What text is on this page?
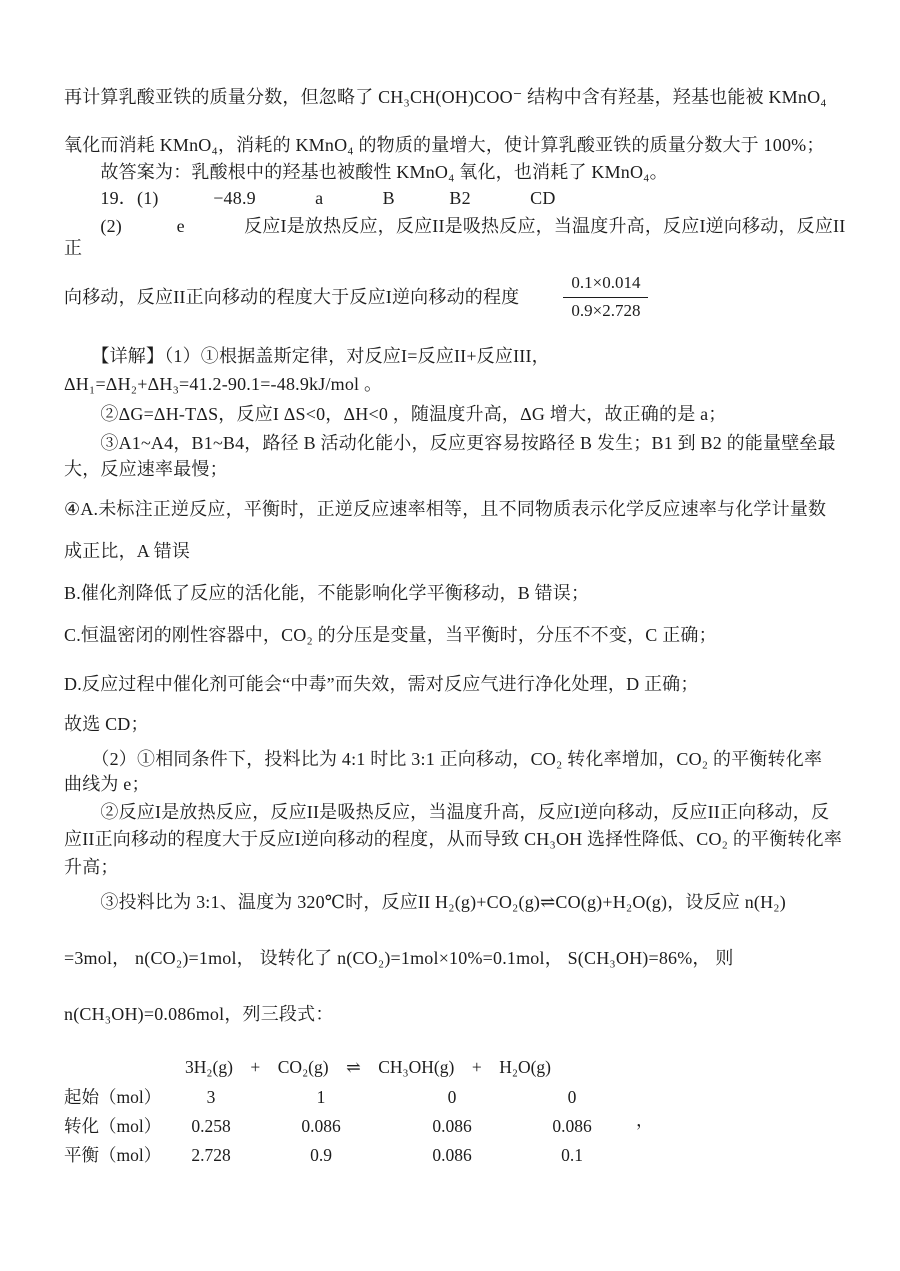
再计算乳酸亚铁的质量分数，但忽略了 CH₃CH(OH)COO⁻ 结构中含有羟基，羟基也能被 KMnO₄
氧化而消耗 KMnO₄，消耗的 KMnO₄ 的物质的量增大，使计算乳酸亚铁的质量分数大于 100%；
　　故答案为：乳酸根中的羟基也被酸性 KMnO₄ 氧化，也消耗了 KMnO₄。
　　19．(1)　　　−48.9　　　 a　　　 B　　　B2　　　 CD
　　(2)　　　e　　　 反应I是放热反应，反应II是吸热反应，当温度升高，反应I逆向移动，反应II正
向移动，反应II正向移动的程度大于反应I逆向移动的程度	$\frac{0.1\times 0.014}{0.9\times 2.728}$
　　【详解】（1）①根据盖斯定律，对反应I=反应II+反应III，
ΔH₁=ΔH₂+ΔH₃=41.2-90.1=-48.9kJ/mol 。
　　②ΔG=ΔH-TΔS，反应I ΔS<0，ΔH<0 ，随温度升高，ΔG 增大，故正确的是 a；
　　③A1~A4，B1~B4，路径 B 活动化能小，反应更容易按路径 B 发生；B1 到 B2 的能量壁垒最
大，反应速率最慢；
④A.未标注正逆反应，平衡时，正逆反应速率相等，且不同物质表示化学反应速率与化学计量数
成正比，A 错误
B.催化剂降低了反应的活化能，不能影响化学平衡移动，B 错误；
C.恒温密闭的刚性容器中，CO₂ 的分压是变量，当平衡时，分压不不变，C 正确；
D.反应过程中催化剂可能会“中毒”而失效，需对反应气进行净化处理，D 正确；
故选 CD；
　　（2）①相同条件下，投料比为 4:1 时比 3:1 正向移动，CO₂ 转化率增加，CO₂ 的平衡转化率
曲线为 e；
　　②反应I是放热反应，反应II是吸热反应，当温度升高，反应I逆向移动，反应II正向移动，反
应II正向移动的程度大于反应I逆向移动的程度，从而导致 CH₃OH 选择性降低、CO₂ 的平衡转化率
升高；
　　③投料比为 3:1、温度为 320℃时，反应II H₂(g)+CO₂(g)⇌CO(g)+H₂O(g)，设反应 n(H₂)
=3mol， n(CO₂)=1mol， 设转化了 n(CO₂)=1mol×10%=0.1mol， S(CH₃OH)=86%， 则
n(CH₃OH)=0.086mol，列三段式：
3H₂(g)　+　CO₂(g)　⇌　CH₃OH(g)　+　H₂O(g)
起始（mol）	3	1	0	0
转化（mol）	0.258	0.086	0.086	0.086	，
平衡（mol）	2.728	0.9	0.086	0.1
